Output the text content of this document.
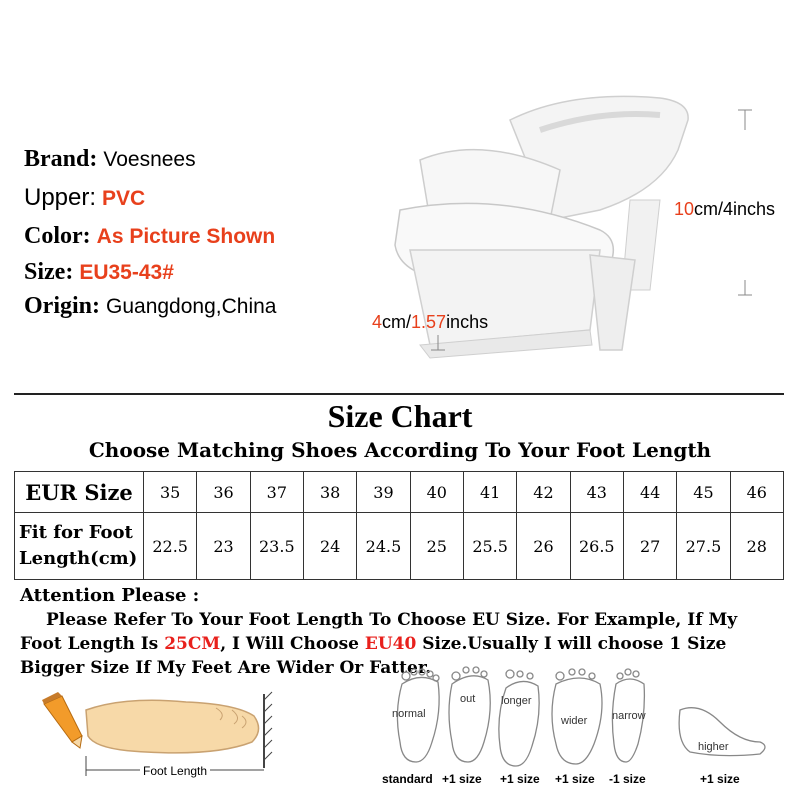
Brand: Voesnees
Upper: PVC
Color: As Picture Shown
Size: EU35-43#
Origin: Guangdong,China
10cm/4inchs
4cm/1.57inchs
Size Chart
Choose Matching Shoes According To Your Foot Length
EUR Size	35	36	37	38	39	40	41	42	43	44	45	46
Fit for Foot
Length(cm)	22.5	23	23.5	24	24.5	25	25.5	26	26.5	27	27.5	28
Attention Please :
Please Refer To Your Foot Length To Choose EU Size. For Example, If My Foot Length Is 25CM, I Will Choose EU40 Size.Usually I will choose 1 Size Bigger Size If My Feet Are Wider Or Fatter.
Foot Length
normal
out longer
wider narrow
higher
standard +1 size +1 size +1 size -1 size	+1 size
